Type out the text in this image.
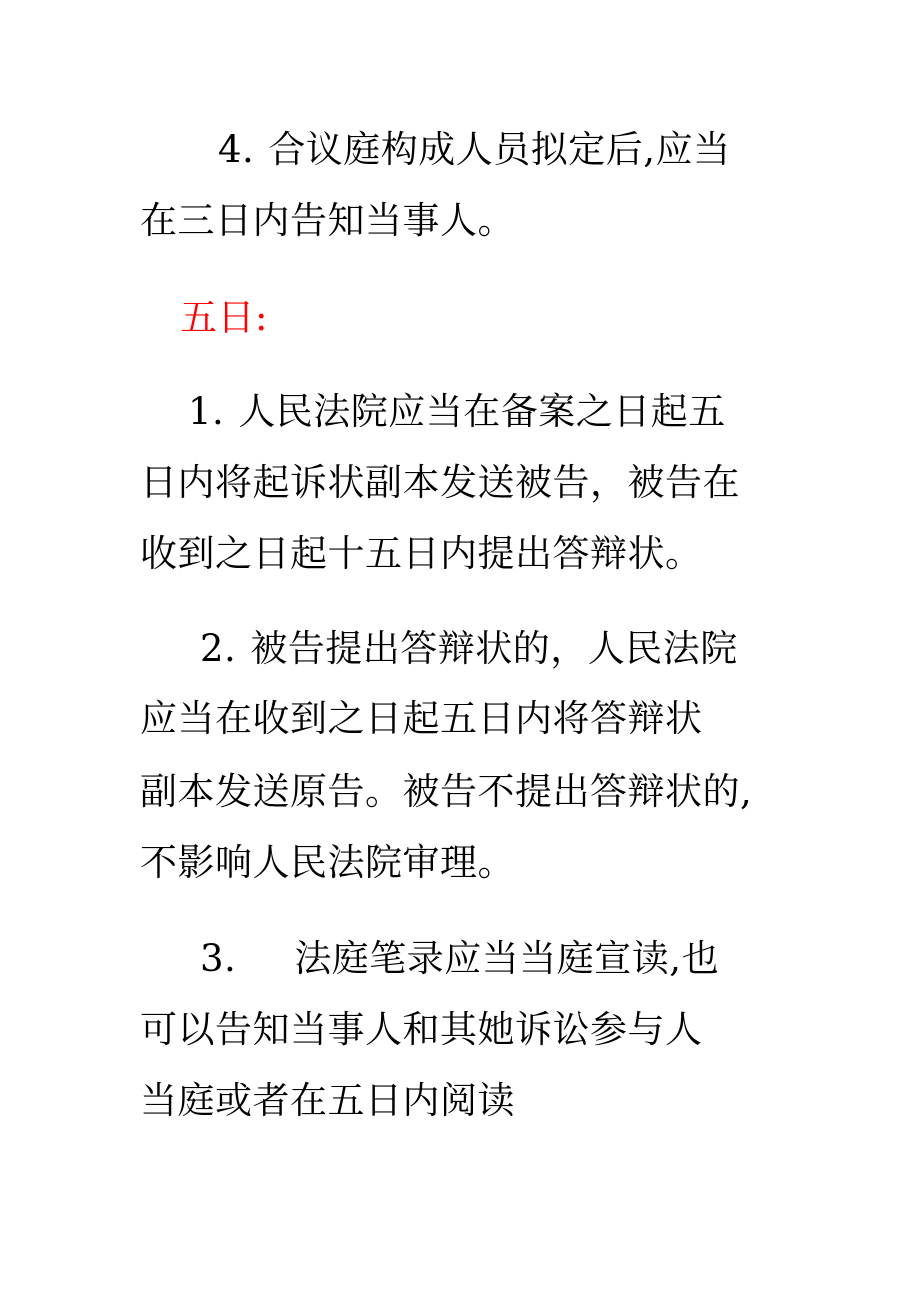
4. 合议庭构成人员拟定后,应当
在三日内告知当事人。
五日:
1. 人民法院应当在备案之日起五
日内将起诉状副本发送被告，被告在
收到之日起十五日内提出答辩状。
2. 被告提出答辩状的，人民法院
应当在收到之日起五日内将答辩状
副本发送原告。被告不提出答辩状的,
不影响人民法院审理。
3. 法庭笔录应当当庭宣读,也
可以告知当事人和其她诉讼参与人
当庭或者在五日内阅读
